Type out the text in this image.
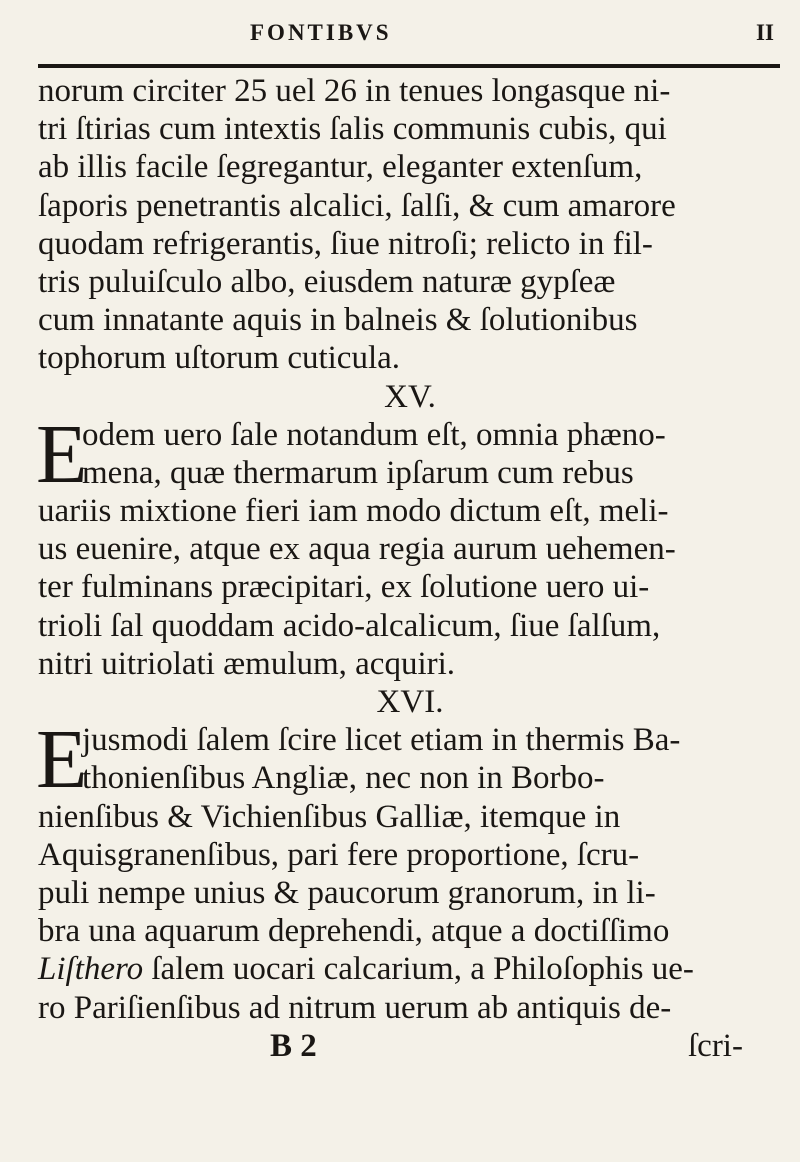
FONTIBVS	II
norum circiter 25 uel 26 in tenues longasque ni-
tri ſtirias cum intextis ſalis communis cubis, qui
ab illis facile ſegregantur, eleganter extenſum,
ſaporis penetrantis alcalici, ſalſi, & cum amarore
quodam refrigerantis, ſiue nitroſi; relicto in fil-
tris puluiſculo albo, eiusdem naturæ gypſeæ
cum innatante aquis in balneis & ſolutionibus
tophorum uſtorum cuticula.
XV.
E
odem uero ſale notandum eſt, omnia phæno-
mena, quæ thermarum ipſarum cum rebus
uariis mixtione fieri iam modo dictum eſt, meli-
us euenire, atque ex aqua regia aurum uehemen-
ter fulminans præcipitari, ex ſolutione uero ui-
trioli ſal quoddam acido-alcalicum, ſiue ſalſum,
nitri uitriolati æmulum, acquiri.
XVI.
E
jusmodi ſalem ſcire licet etiam in thermis Ba-
thonienſibus Angliæ, nec non in Borbo-
nienſibus & Vichienſibus Galliæ, itemque in
Aquisgranenſibus, pari fere proportione, ſcru-
puli nempe unius & paucorum granorum, in li-
bra una aquarum deprehendi, atque a doctiſſimo
Liſthero ſalem uocari calcarium, a Philoſophis ue-
ro Pariſienſibus ad nitrum uerum ab antiquis de-
B 2	ſcri-
